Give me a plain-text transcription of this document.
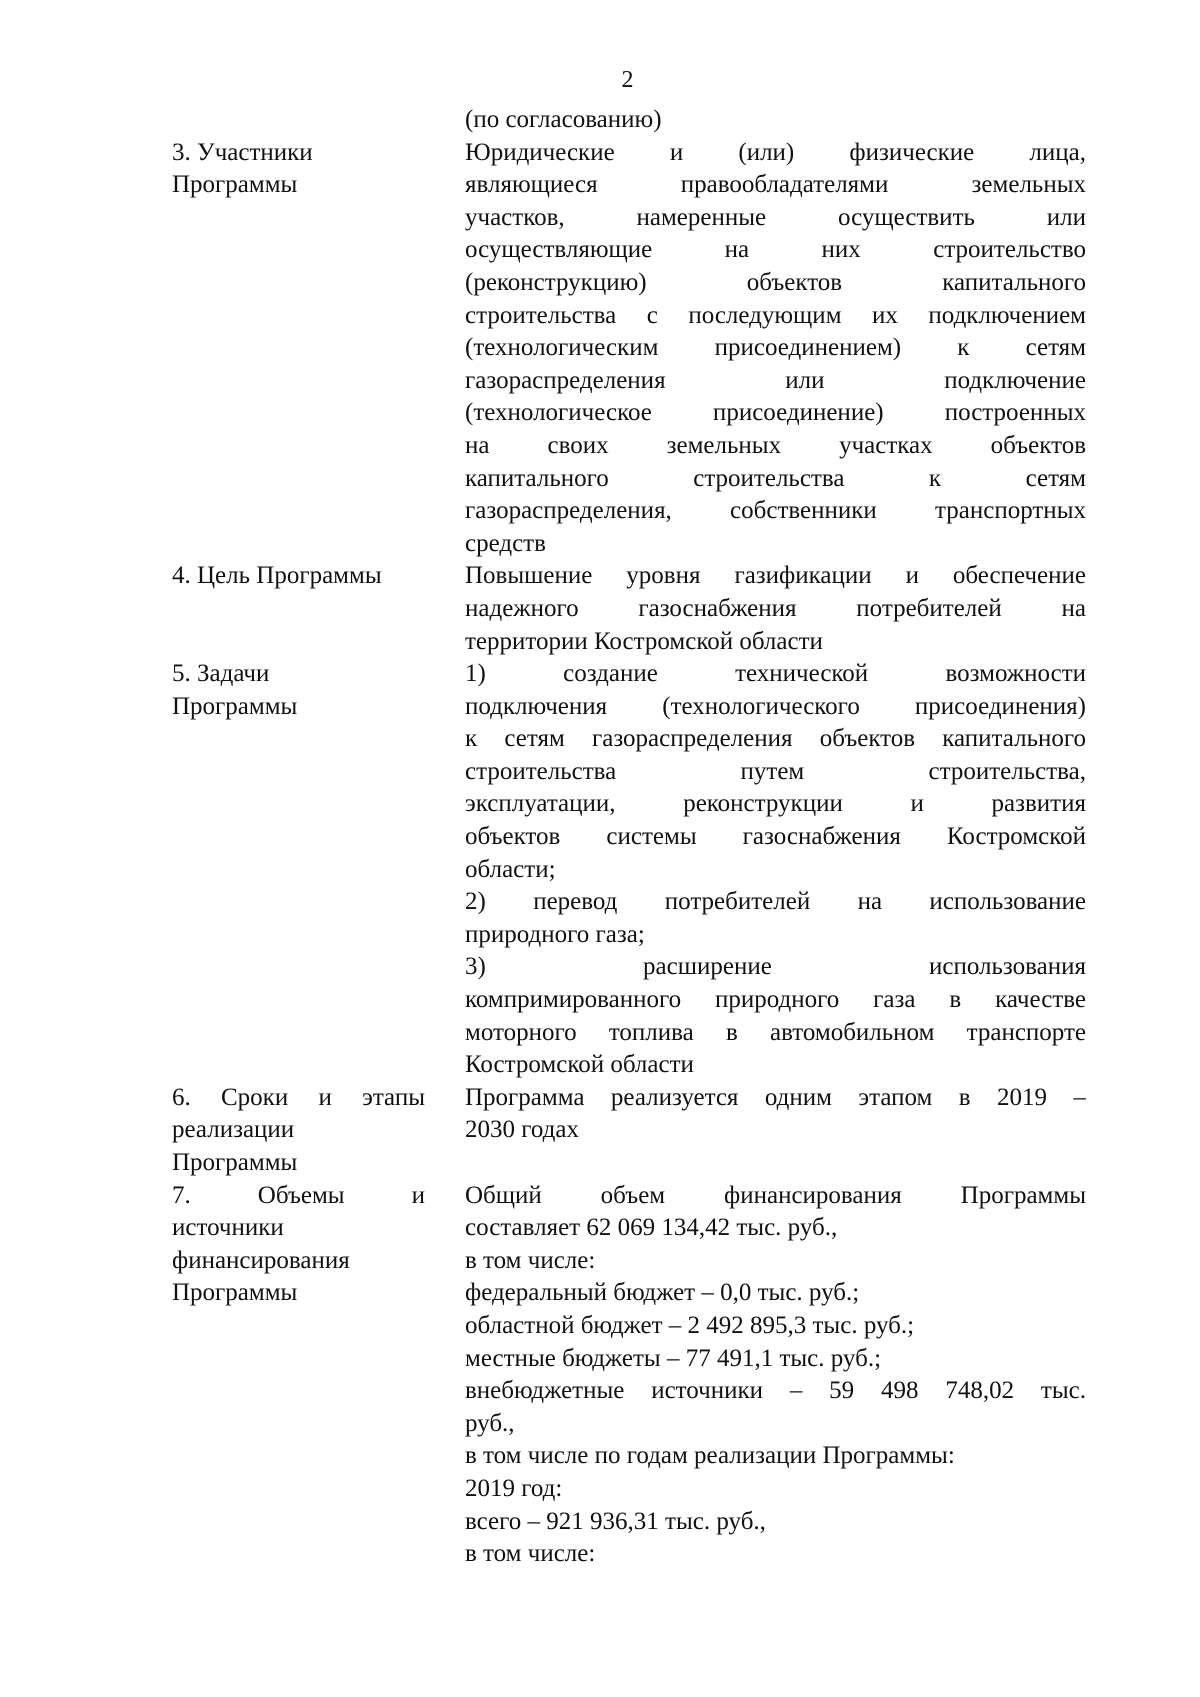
2
(по согласованию)
3. Участники
Программы
Юридические и (или) физические лица,
являющиеся правообладателями земельных
участков, намеренные осуществить или
осуществляющие на них строительство
(реконструкцию) объектов капитального
строительства с последующим их подключением
(технологическим присоединением) к сетям
газораспределения или подключение
(технологическое присоединение) построенных
на своих земельных участках объектов
капитального строительства к сетям
газораспределения, собственники транспортных
средств
4. Цель Программы	Повышение уровня газификации и обеспечение
надежного газоснабжения потребителей на
территории Костромской области
5. Задачи
Программы
1) создание технической возможности
подключения (технологического присоединения)
к сетям газораспределения объектов капитального
строительства путем строительства,
эксплуатации, реконструкции и развития
объектов системы газоснабжения Костромской
области;
2) перевод потребителей на использование
природного газа;
3) расширение использования
компримированного природного газа в качестве
моторного топлива в автомобильном транспорте
Костромской области
6. Сроки и этапы
реализации
Программы
Программа реализуется одним этапом в 2019 –
2030 годах
7. Объемы и
источники
финансирования
Программы
Общий объем финансирования Программы
составляет 62 069 134,42 тыс. руб.,
в том числе:
федеральный бюджет – 0,0 тыс. руб.;
областной бюджет – 2 492 895,3 тыс. руб.;
местные бюджеты – 77 491,1 тыс. руб.;
внебюджетные источники – 59 498 748,02 тыс.
руб.,
в том числе по годам реализации Программы:
2019 год:
всего – 921 936,31 тыс. руб.,
в том числе:
